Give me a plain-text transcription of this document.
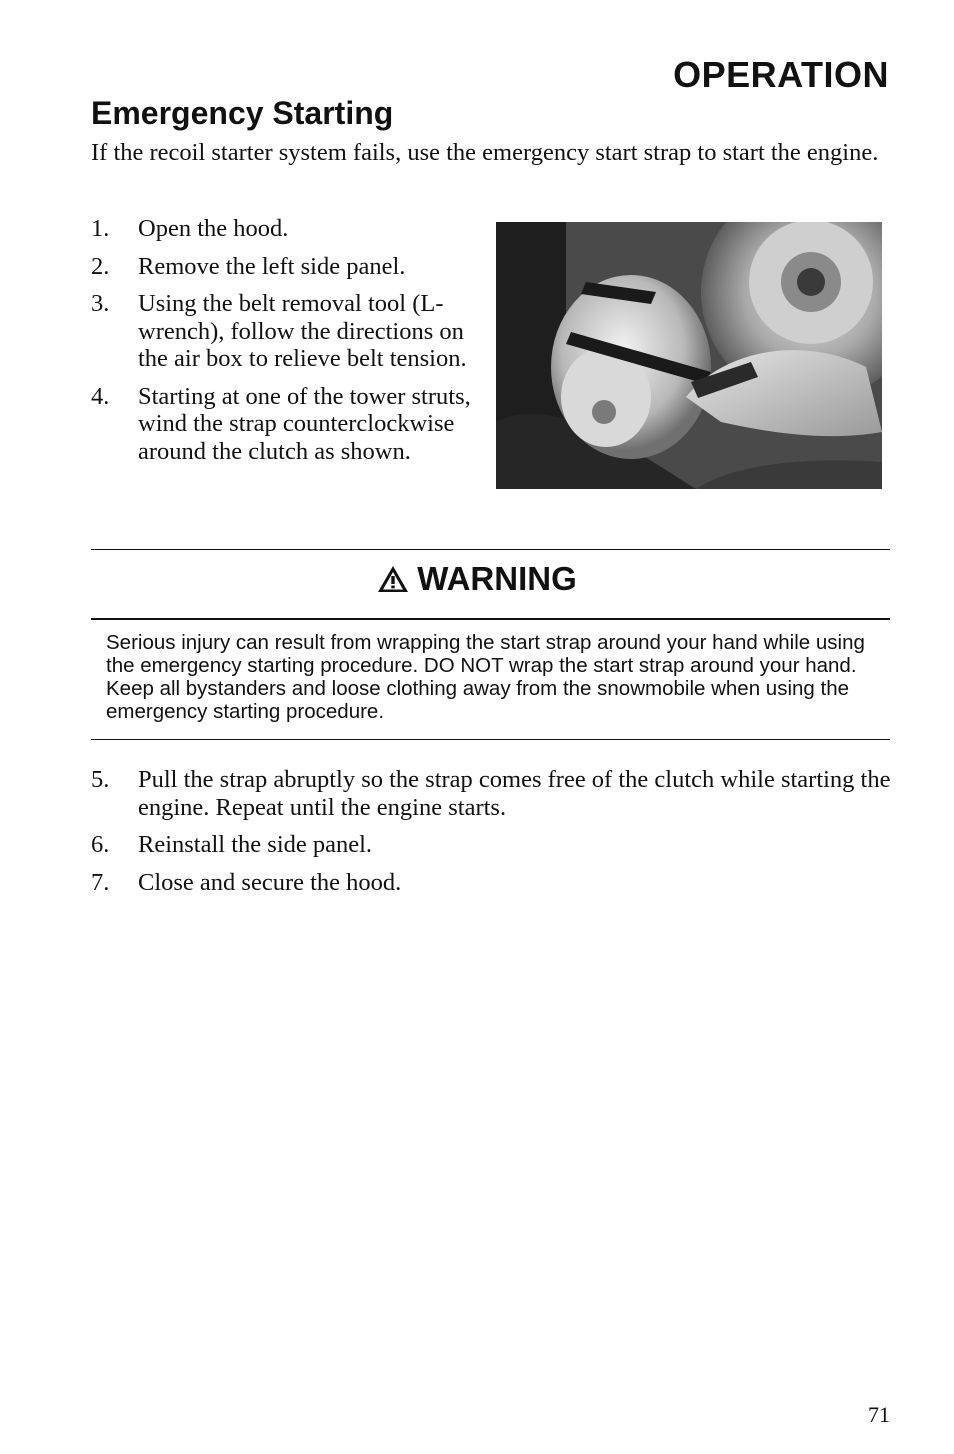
OPERATION
Emergency Starting
If the recoil starter system fails, use the emergency start strap to start the engine.
1. Open the hood.
2. Remove the left side panel.
3. Using the belt removal tool (L-wrench), follow the directions on the air box to relieve belt tension.
4. Starting at one of the tower struts, wind the strap counterclockwise around the clutch as shown.
WARNING
Serious injury can result from wrapping the start strap around your hand while using the emergency starting procedure. DO NOT wrap the start strap around your hand. Keep all bystanders and loose clothing away from the snowmobile when using the emergency starting procedure.
5. Pull the strap abruptly so the strap comes free of the clutch while starting the engine. Repeat until the engine starts.
6. Reinstall the side panel.
7. Close and secure the hood.
71
